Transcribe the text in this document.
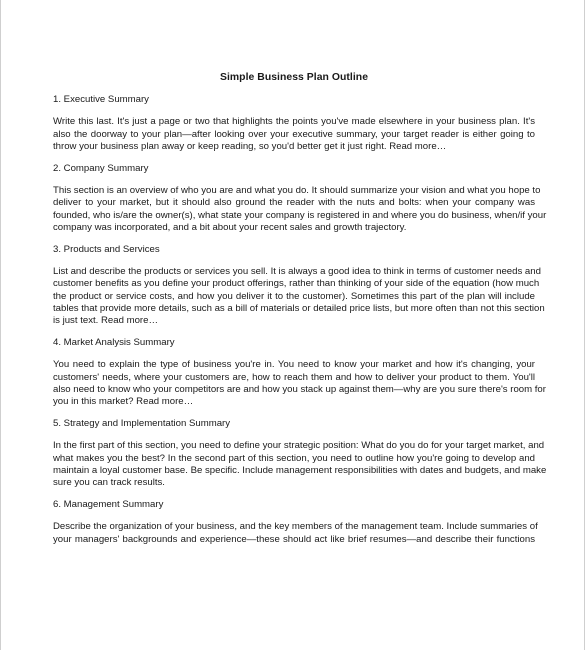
Simple Business Plan Outline
1. Executive Summary
Write this last. It's just a page or two that highlights the points you've made elsewhere in your business plan. It's
also the doorway to your plan—after looking over your executive summary, your target reader is either going to
throw your business plan away or keep reading, so you'd better get it just right. Read more…
2. Company Summary
This section is an overview of who you are and what you do. It should summarize your vision and what you hope to
deliver to your market, but it should also ground the reader with the nuts and bolts: when your company was
founded, who is/are the owner(s), what state your company is registered in and where you do business, when/if your
company was incorporated, and a bit about your recent sales and growth trajectory.
3. Products and Services
List and describe the products or services you sell. It is always a good idea to think in terms of customer needs and
customer benefits as you define your product offerings, rather than thinking of your side of the equation (how much
the product or service costs, and how you deliver it to the customer). Sometimes this part of the plan will include
tables that provide more details, such as a bill of materials or detailed price lists, but more often than not this section
is just text. Read more…
4. Market Analysis Summary
You need to explain the type of business you're in. You need to know your market and how it's changing, your
customers' needs, where your customers are, how to reach them and how to deliver your product to them. You'll
also need to know who your competitors are and how you stack up against them—why are you sure there's room for
you in this market? Read more…
5. Strategy and Implementation Summary
In the first part of this section, you need to define your strategic position: What do you do for your target market, and
what makes you the best? In the second part of this section, you need to outline how you're going to develop and
maintain a loyal customer base. Be specific. Include management responsibilities with dates and budgets, and make
sure you can track results.
6. Management Summary
Describe the organization of your business, and the key members of the management team. Include summaries of
your managers' backgrounds and experience—these should act like brief resumes—and describe their functions
